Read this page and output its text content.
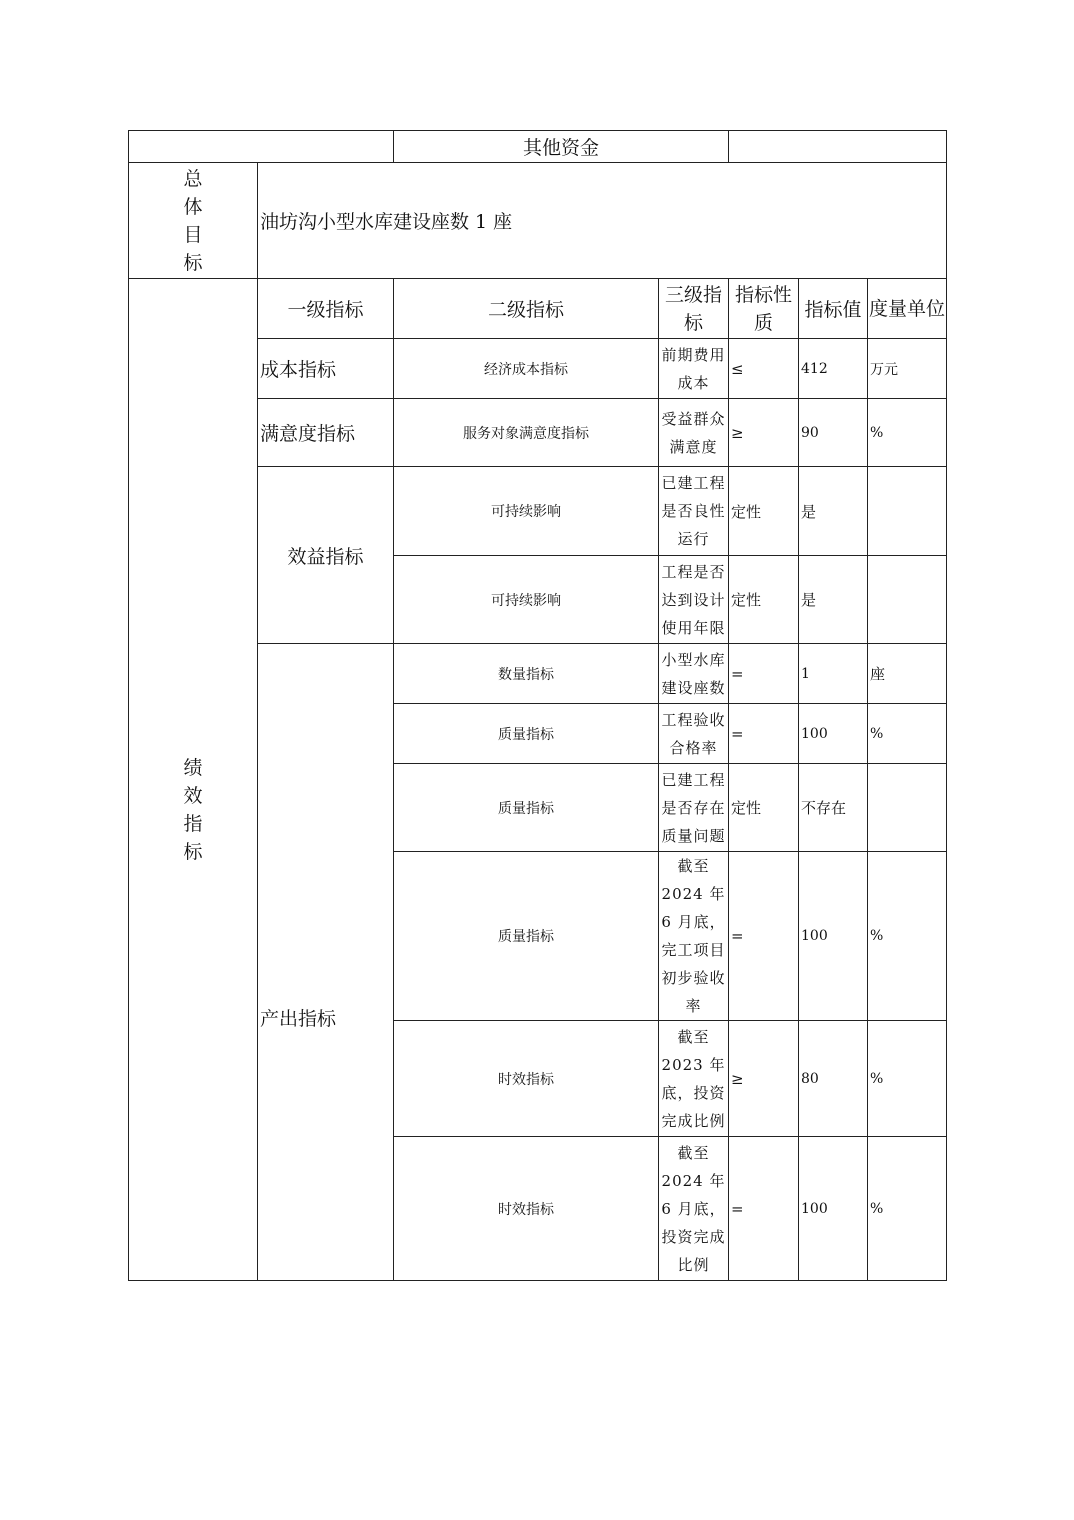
		其他资金				

总
体
目
标	油坊沟小型水库建设座数 1 座					

绩
效
指
标	一级指标	二级指标	三级指标	指标性质	指标值	度量单位
	成本指标	经济成本指标	前期费用成本	≤	412	万元
	满意度指标	服务对象满意度指标	受益群众满意度	≥	90	%
	效益指标	可持续影响	已建工程是否良性运行	定性	是	
		可持续影响	工程是否达到设计使用年限	定性	是	
	产出指标	数量指标	小型水库建设座数	=	1	座
		质量指标	工程验收合格率	=	100	%
		质量指标	已建工程是否存在质量问题	定性	不存在	
		质量指标	截至 2024 年 6 月底，完工项目初步验收率	=	100	%
		时效指标	截至 2023 年底，投资完成比例	≥	80	%
		时效指标	截至 2024 年 6 月底，投资完成比例	=	100	%
